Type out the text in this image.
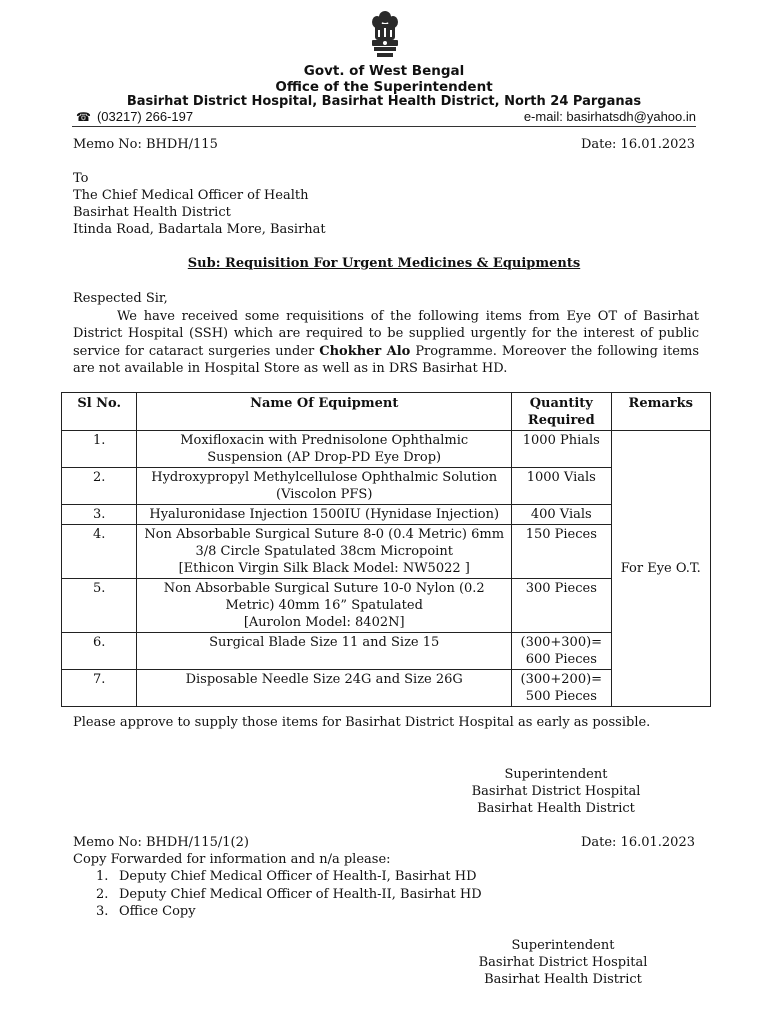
Govt. of West Bengal
Office of the Superintendent
Basirhat District Hospital, Basirhat Health District, North 24 Parganas
☎ (03217) 266-197	e-mail: basirhatsdh@yahoo.in
Memo No: BHDH/115	Date: 16.01.2023
To
The Chief Medical Officer of Health
Basirhat Health District
Itinda Road, Badartala More, Basirhat
Sub: Requisition For Urgent Medicines & Equipments
Respected Sir,
We have received some requisitions of the following items from Eye OT of Basirhat District Hospital (SSH) which are required to be supplied urgently for the interest of public service for cataract surgeries under Chokher Alo Programme. Moreover the following items are not available in Hospital Store as well as in DRS Basirhat HD.
Sl No.	Name Of Equipment	Quantity Required	Remarks
1.	Moxifloxacin with Prednisolone Ophthalmic
Suspension (AP Drop-PD Eye Drop)	1000 Phials	For Eye O.T.
2.	Hydroxypropyl Methylcellulose Ophthalmic Solution
(Viscolon PFS)	1000 Vials	

3.	Hyaluronidase Injection 1500IU (Hynidase Injection)	400 Vials	

4.	Non Absorbable Surgical Suture 8-0 (0.4 Metric) 6mm
3/8 Circle Spatulated 38cm Micropoint
[Ethicon Virgin Silk Black Model: NW5022 ]	150 Pieces	

5.	Non Absorbable Surgical Suture 10-0 Nylon (0.2
Metric) 40mm 16” Spatulated
[Aurolon Model: 8402N]	300 Pieces	

6.	Surgical Blade Size 11 and Size 15	(300+300)=
600 Pieces	

7.	Disposable Needle Size 24G and Size 26G	(300+200)=
500 Pieces	
Please approve to supply those items for Basirhat District Hospital as early as possible.
Superintendent
Basirhat District Hospital
Basirhat Health District
Memo No: BHDH/115/1(2)	Date: 16.01.2023
Copy Forwarded for information and n/a please:
1. Deputy Chief Medical Officer of Health-I, Basirhat HD
2. Deputy Chief Medical Officer of Health-II, Basirhat HD
3. Office Copy
Superintendent
Basirhat District Hospital
Basirhat Health District
